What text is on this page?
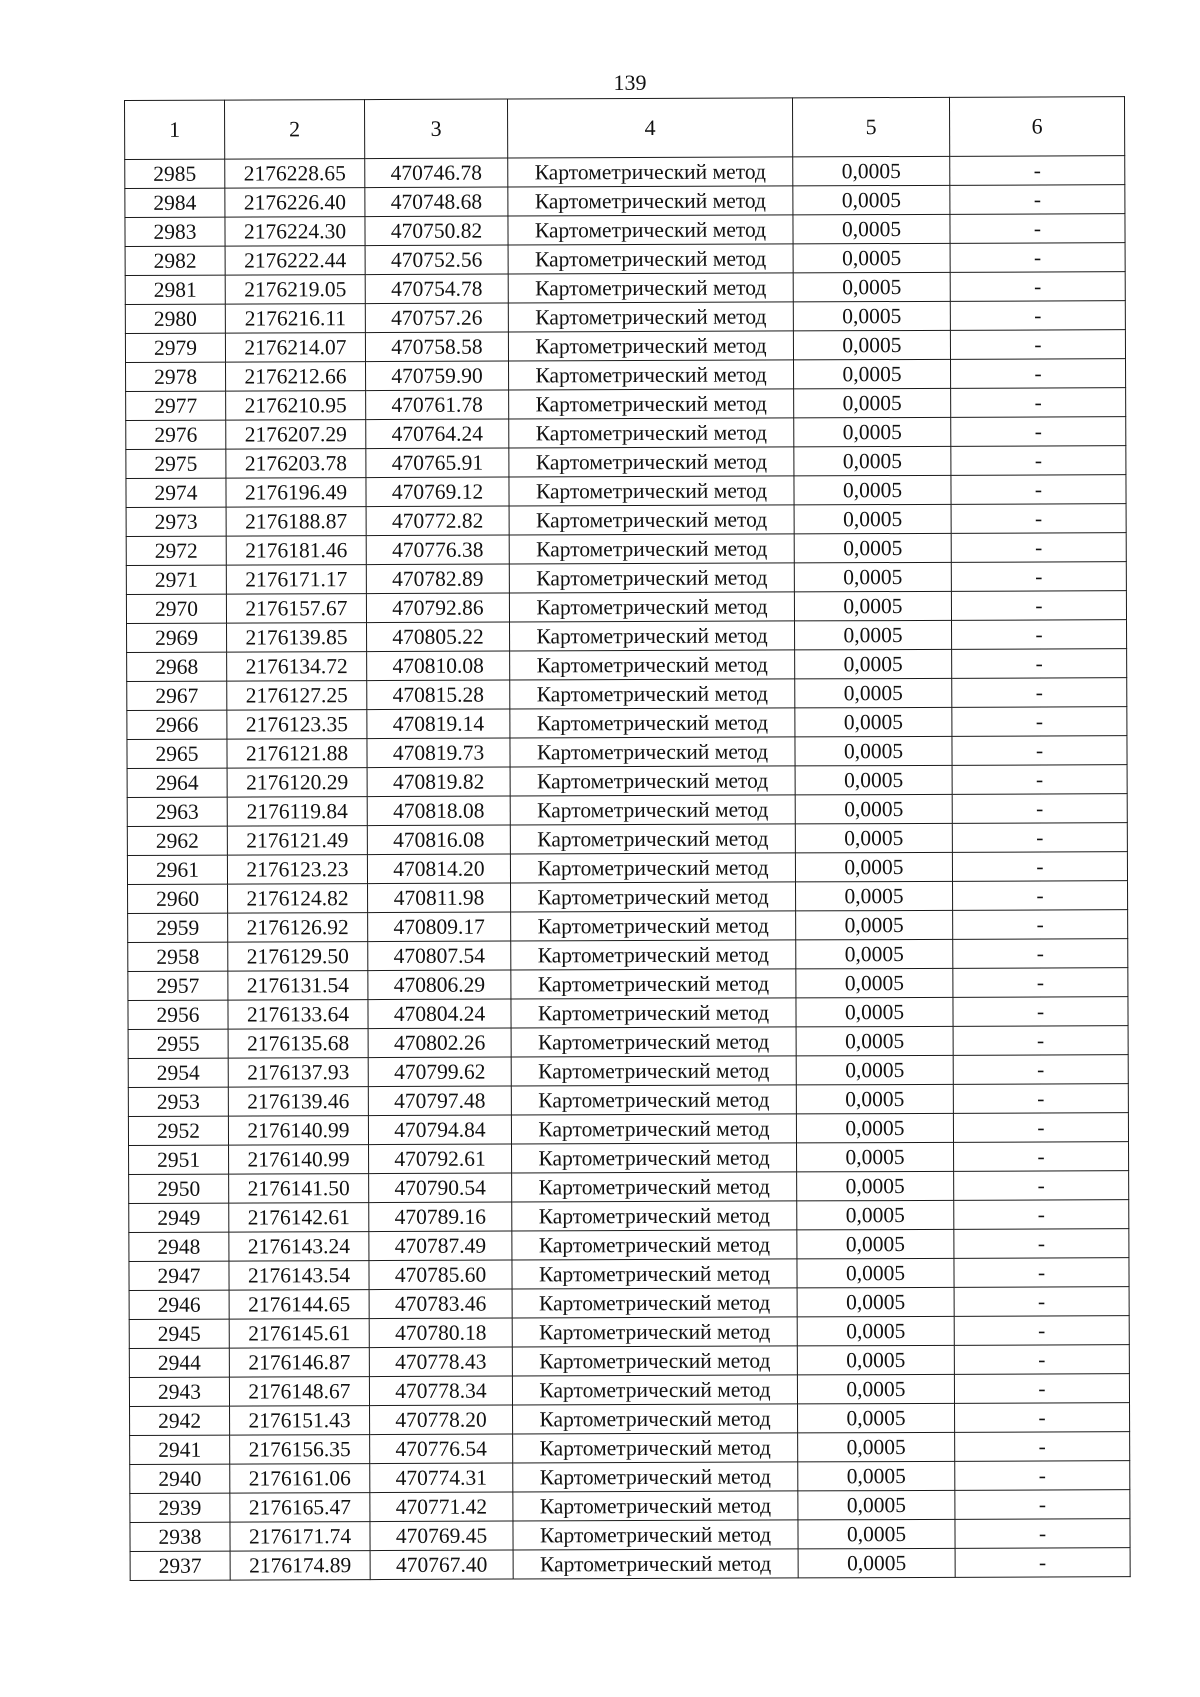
139
1	2	3	4	5	6
2985	2176228.65	470746.78	Картометрический метод	0,0005	-
2984	2176226.40	470748.68	Картометрический метод	0,0005	-
2983	2176224.30	470750.82	Картометрический метод	0,0005	-
2982	2176222.44	470752.56	Картометрический метод	0,0005	-
2981	2176219.05	470754.78	Картометрический метод	0,0005	-
2980	2176216.11	470757.26	Картометрический метод	0,0005	-
2979	2176214.07	470758.58	Картометрический метод	0,0005	-
2978	2176212.66	470759.90	Картометрический метод	0,0005	-
2977	2176210.95	470761.78	Картометрический метод	0,0005	-
2976	2176207.29	470764.24	Картометрический метод	0,0005	-
2975	2176203.78	470765.91	Картометрический метод	0,0005	-
2974	2176196.49	470769.12	Картометрический метод	0,0005	-
2973	2176188.87	470772.82	Картометрический метод	0,0005	-
2972	2176181.46	470776.38	Картометрический метод	0,0005	-
2971	2176171.17	470782.89	Картометрический метод	0,0005	-
2970	2176157.67	470792.86	Картометрический метод	0,0005	-
2969	2176139.85	470805.22	Картометрический метод	0,0005	-
2968	2176134.72	470810.08	Картометрический метод	0,0005	-
2967	2176127.25	470815.28	Картометрический метод	0,0005	-
2966	2176123.35	470819.14	Картометрический метод	0,0005	-
2965	2176121.88	470819.73	Картометрический метод	0,0005	-
2964	2176120.29	470819.82	Картометрический метод	0,0005	-
2963	2176119.84	470818.08	Картометрический метод	0,0005	-
2962	2176121.49	470816.08	Картометрический метод	0,0005	-
2961	2176123.23	470814.20	Картометрический метод	0,0005	-
2960	2176124.82	470811.98	Картометрический метод	0,0005	-
2959	2176126.92	470809.17	Картометрический метод	0,0005	-
2958	2176129.50	470807.54	Картометрический метод	0,0005	-
2957	2176131.54	470806.29	Картометрический метод	0,0005	-
2956	2176133.64	470804.24	Картометрический метод	0,0005	-
2955	2176135.68	470802.26	Картометрический метод	0,0005	-
2954	2176137.93	470799.62	Картометрический метод	0,0005	-
2953	2176139.46	470797.48	Картометрический метод	0,0005	-
2952	2176140.99	470794.84	Картометрический метод	0,0005	-
2951	2176140.99	470792.61	Картометрический метод	0,0005	-
2950	2176141.50	470790.54	Картометрический метод	0,0005	-
2949	2176142.61	470789.16	Картометрический метод	0,0005	-
2948	2176143.24	470787.49	Картометрический метод	0,0005	-
2947	2176143.54	470785.60	Картометрический метод	0,0005	-
2946	2176144.65	470783.46	Картометрический метод	0,0005	-
2945	2176145.61	470780.18	Картометрический метод	0,0005	-
2944	2176146.87	470778.43	Картометрический метод	0,0005	-
2943	2176148.67	470778.34	Картометрический метод	0,0005	-
2942	2176151.43	470778.20	Картометрический метод	0,0005	-
2941	2176156.35	470776.54	Картометрический метод	0,0005	-
2940	2176161.06	470774.31	Картометрический метод	0,0005	-
2939	2176165.47	470771.42	Картометрический метод	0,0005	-
2938	2176171.74	470769.45	Картометрический метод	0,0005	-
2937	2176174.89	470767.40	Картометрический метод	0,0005	-
